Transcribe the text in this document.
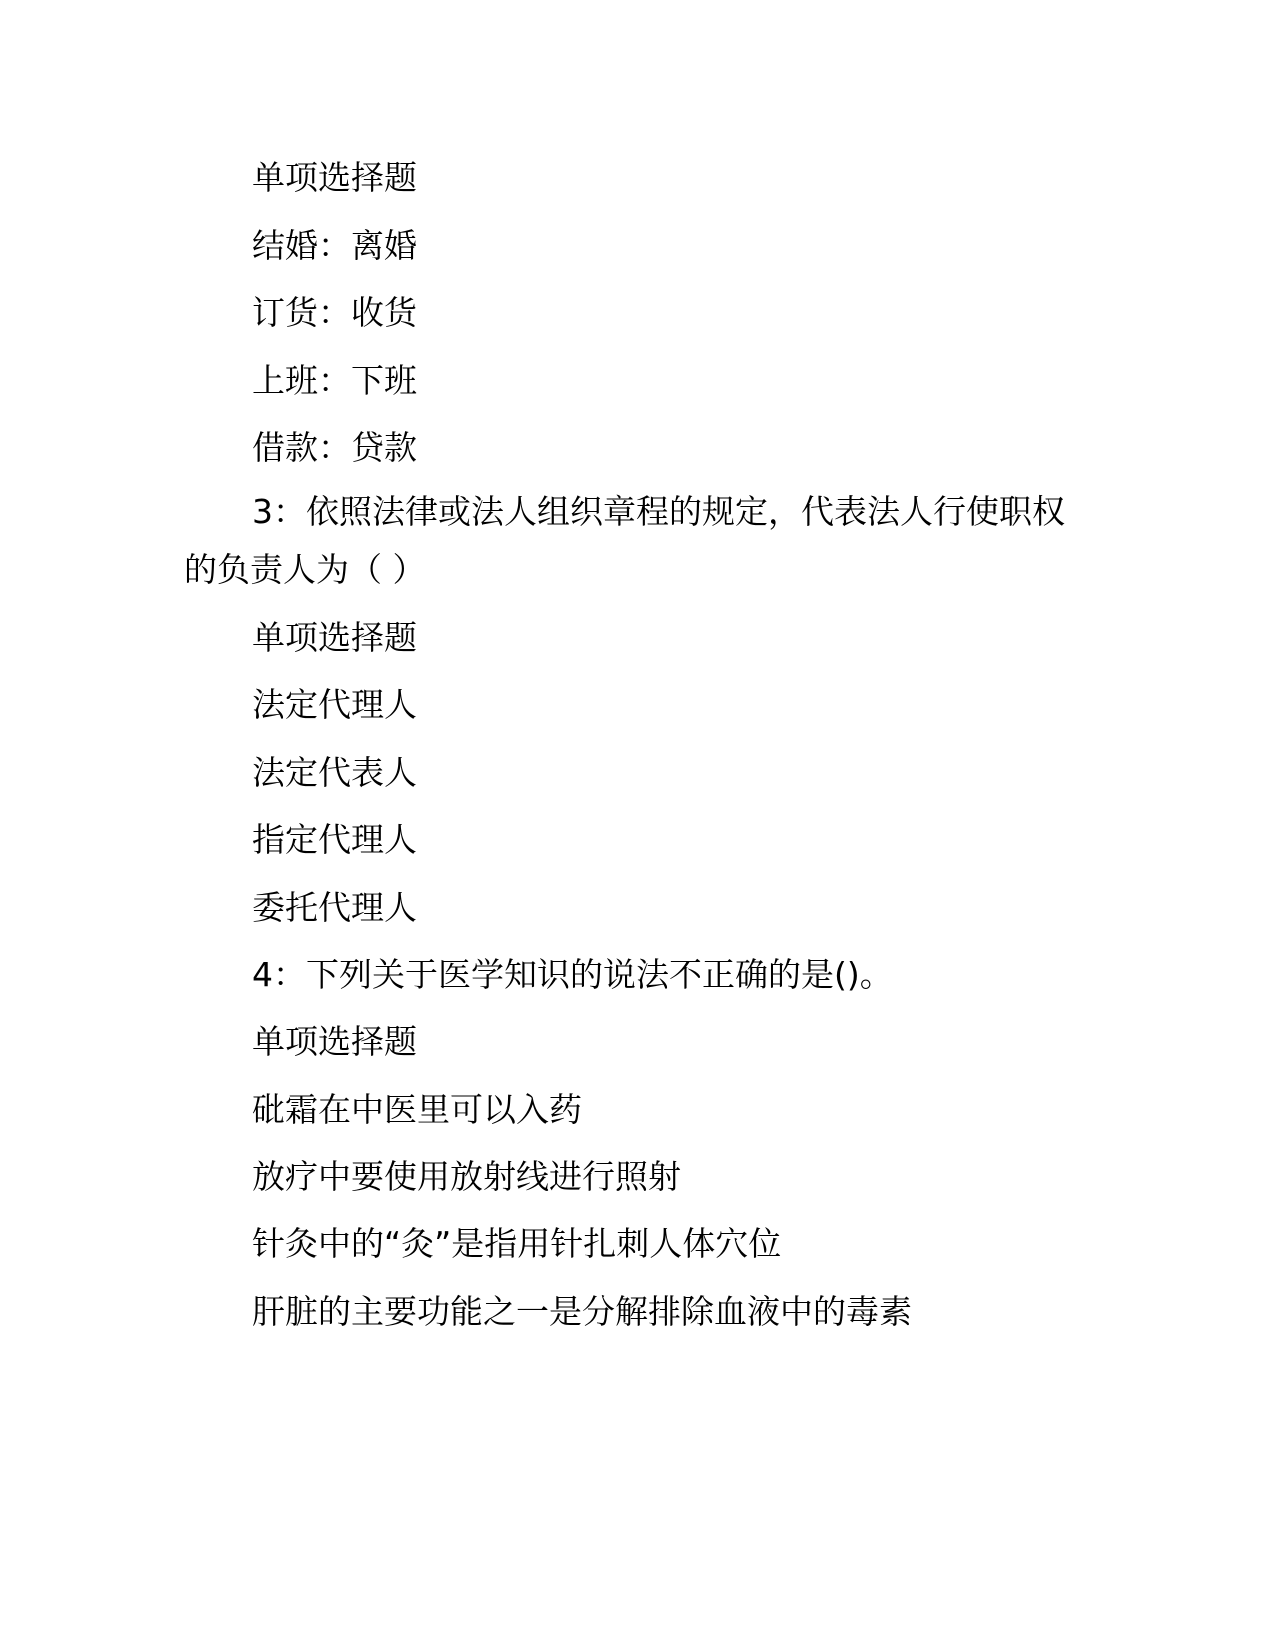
单项选择题
结婚：离婚
订货：收货
上班：下班
借款：贷款
3：依照法律或法人组织章程的规定，代表法人行使职权的负责人为（ ）
单项选择题
法定代理人
法定代表人
指定代理人
委托代理人
4：下列关于医学知识的说法不正确的是()。
单项选择题
砒霜在中医里可以入药
放疗中要使用放射线进行照射
针灸中的“灸”是指用针扎刺人体穴位
肝脏的主要功能之一是分解排除血液中的毒素
